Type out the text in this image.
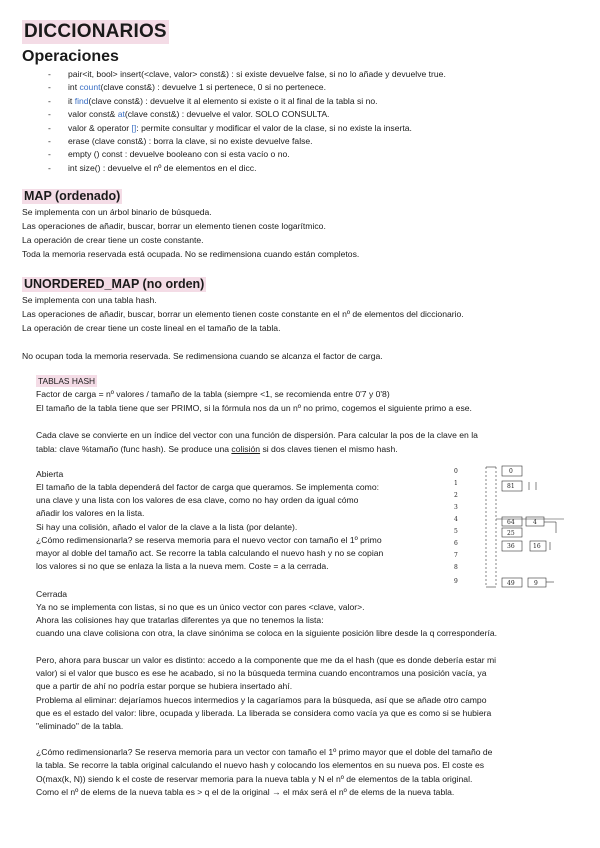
DICCIONARIOS
Operaciones
- pair<it, bool> insert(<clave, valor> const&) : si existe devuelve false, si no lo añade y devuelve true.
- int count(clave const&) : devuelve 1 si pertenece, 0 si no pertenece.
- it find(clave const&) : devuelve it al elemento si existe o it al final de la tabla si no.
- valor const& at(clave const&) : devuelve el valor. SOLO CONSULTA.
- valor & operator []: permite consultar y modificar el valor de la clase, si no existe la inserta.
- erase (clave const&) : borra la clave, si no existe devuelve false.
- empty () const : devuelve booleano con si esta vacío o no.
- int size() : devuelve el nº de elementos en el dicc.
MAP (ordenado)
Se implementa con un árbol binario de búsqueda.
Las operaciones de añadir, buscar, borrar un elemento tienen coste logarítmico.
La operación de crear tiene un coste constante.
Toda la memoria reservada está ocupada. No se redimensiona cuando están completos.
UNORDERED_MAP (no orden)
Se implementa con una tabla hash.
Las operaciones de añadir, buscar, borrar un elemento tienen coste constante en el nº de elementos del diccionario.
La operación de crear tiene un coste lineal en el tamaño de la tabla.
No ocupan toda la memoria reservada. Se redimensiona cuando se alcanza el factor de carga.
TABLAS HASH
Factor de carga = nº valores / tamaño de la tabla (siempre <1, se recomienda entre 0'7 y 0'8)
El tamaño de la tabla tiene que ser PRIMO, si la fórmula nos da un nº no primo, cogemos el siguiente primo a ese.
Cada clave se convierte en un índice del vector con una función de dispersión. Para calcular la pos de la clave en la
tabla: clave %tamaño (func hash). Se produce una colisión si dos claves tienen el mismo hash.
Abierta
El tamaño de la tabla dependerá del factor de carga que queramos. Se implementa como:
una clave y una lista con los valores de esa clave, como no hay orden da igual cómo
añadir los valores en la lista.
Si hay una colisión, añado el valor de la clave a la lista (por delante).
¿Cómo redimensionarla? se reserva memoria para el nuevo vector con tamaño el 1º primo
mayor al doble del tamaño act. Se recorre la tabla calculando el nuevo hash y no se copian
los valores si no que se enlaza la lista a la nueva mem. Coste = a la cerrada.
0
1
2
3
4
5
6
7
8
9
0
81
64	4
25
36	16
49	9
Cerrada
Ya no se implementa con listas, si no que es un único vector con pares <clave, valor>.
Ahora las colisiones hay que tratarlas diferentes ya que no tenemos la lista:
cuando una clave colisiona con otra, la clave sinónima se coloca en la siguiente posición libre desde la q correspondería.
Pero, ahora para buscar un valor es distinto: accedo a la componente que me da el hash (que es donde debería estar mi
valor) si el valor que busco es ese he acabado, si no la búsqueda termina cuando encontramos una posición vacía, ya
que a partir de ahí no podría estar porque se hubiera insertado ahí.
Problema al eliminar: dejaríamos huecos intermedios y la cagaríamos para la búsqueda, así que se añade otro campo
que es el estado del valor: libre, ocupada y liberada. La liberada se considera como vacía ya que es como si se hubiera
"eliminado" de la tabla.
¿Cómo redimensionarla? Se reserva memoria para un vector con tamaño el 1º primo mayor que el doble del tamaño de
la tabla. Se recorre la tabla original calculando el nuevo hash y colocando los elementos en su nueva pos. El coste es
O(max(k, N)) siendo k el coste de reservar memoria para la nueva tabla y N el nº de elementos de la tabla original.
Como el nº de elems de la nueva tabla es > q el de la original → el máx será el nº de elems de la nueva tabla.
